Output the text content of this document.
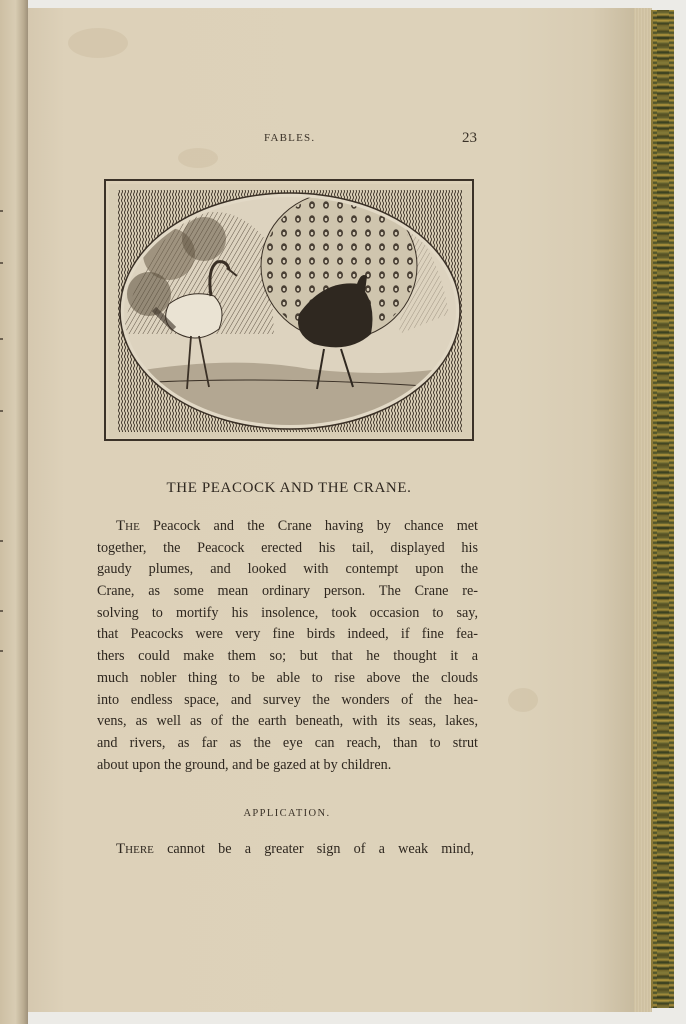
FABLES.	23
THE PEACOCK AND THE CRANE.
The Peacock and the Crane having by chance met
together, the Peacock erected his tail, displayed his
gaudy plumes, and looked with contempt upon the
Crane, as some mean ordinary person. The Crane re-
solving to mortify his insolence, took occasion to say,
that Peacocks were very fine birds indeed, if fine fea-
thers could make them so; but that he thought it a
much nobler thing to be able to rise above the clouds
into endless space, and survey the wonders of the hea-
vens, as well as of the earth beneath, with its seas, lakes,
and rivers, as far as the eye can reach, than to strut
about upon the ground, and be gazed at by children.
APPLICATION.
There cannot be a greater sign of a weak mind,
